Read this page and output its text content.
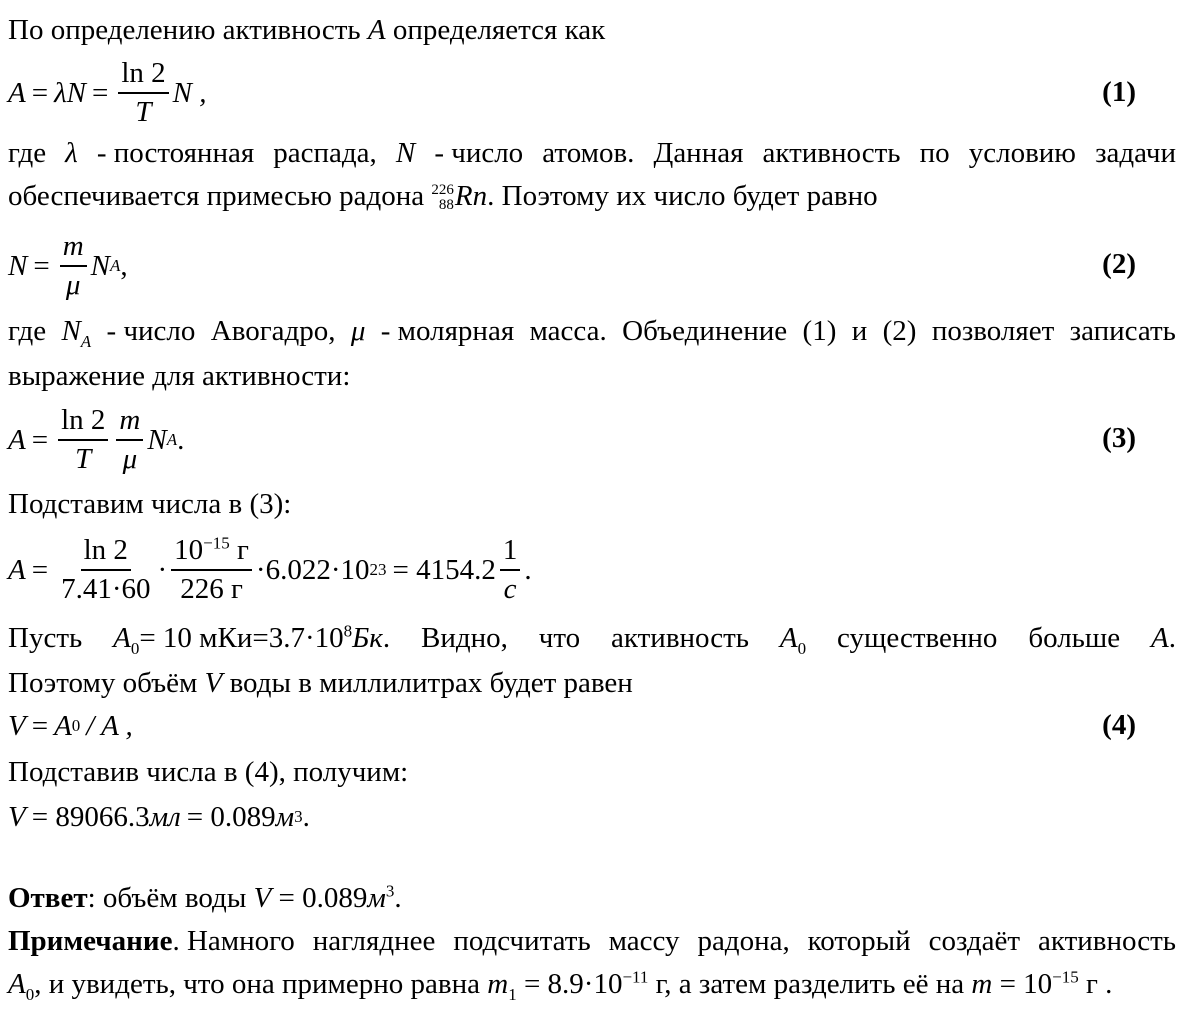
По определению активность A определяется как
$A = \lambda N = \frac{\ln 2}{T}$ N ,	(1)
где λ - постоянная распада, N - число атомов. Данная активность по условию задачи
обеспечивается примесью радона 226
88 Rn. Поэтому их число будет равно
$N = \frac{m}{\mu}$ N A ,	(2)
где $N_A$ - число Авогадро, μ - молярная масса. Объединение (1) и (2) позволяет записать
выражение для активности:
$A = \frac{\ln 2}{T} \frac{m}{\mu}$ N A .	(3)
Подставим числа в (3):
$A = \frac{\ln 2}{7.41\cdot 60} \cdot \frac{10^{-15} г}{226 г} \cdot 6.022\cdot 10$ $23 = 4154.2 \frac{1}{c}$ .
Пусть $A_0= 10$ $мКи=3.7\cdot 10^8Бк$. Видно, что активность $A_0$ существенно больше A.
Поэтому объём V воды в миллилитрах будет равен
V = A 0 / A ,	(4)
Подставив числа в (4), получим:
V = 89066.3 мл = 0.089 м 3 .
Ответ: объём воды $V = 0.089м^3$.
Примечание. Намного нагляднее подсчитать массу радона, который создаёт активность
$A_0$, и увидеть, что она примерно равна $m_1 = 8.9\cdot 10^{-11}$ г, а затем разделить её на $m = 10^{-15}$ г .
